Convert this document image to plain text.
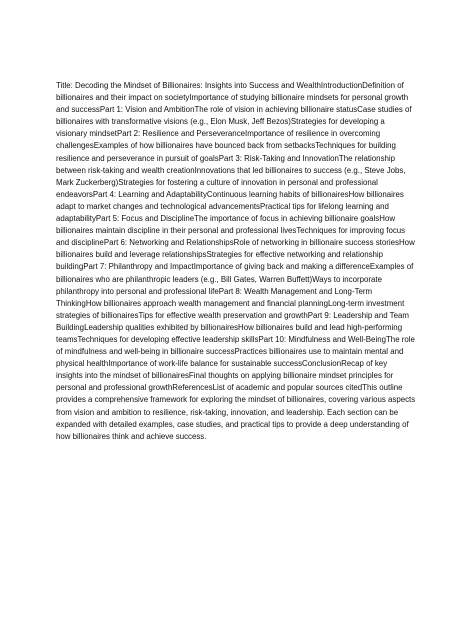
Title: Decoding the Mindset of Billionaires: Insights into Success and WealthIntroductionDefinition of billionaires and their impact on societyImportance of studying billionaire mindsets for personal growth and successPart 1: Vision and AmbitionThe role of vision in achieving billionaire statusCase studies of billionaires with transformative visions (e.g., Elon Musk, Jeff Bezos)Strategies for developing a visionary mindsetPart 2: Resilience and PerseveranceImportance of resilience in overcoming challengesExamples of how billionaires have bounced back from setbacksTechniques for building resilience and perseverance in pursuit of goalsPart 3: Risk-Taking and InnovationThe relationship between risk-taking and wealth creationInnovations that led billionaires to success (e.g., Steve Jobs, Mark Zuckerberg)Strategies for fostering a culture of innovation in personal and professional endeavorsPart 4: Learning and AdaptabilityContinuous learning habits of billionairesHow billionaires adapt to market changes and technological advancementsPractical tips for lifelong learning and adaptabilityPart 5: Focus and DisciplineThe importance of focus in achieving billionaire goalsHow billionaires maintain discipline in their personal and professional livesTechniques for improving focus and disciplinePart 6: Networking and RelationshipsRole of networking in billionaire success storiesHow billionaires build and leverage relationshipsStrategies for effective networking and relationship buildingPart 7: Philanthropy and ImpactImportance of giving back and making a differenceExamples of billionaires who are philanthropic leaders (e.g., Bill Gates, Warren Buffett)Ways to incorporate philanthropy into personal and professional lifePart 8: Wealth Management and Long-Term ThinkingHow billionaires approach wealth management and financial planningLong-term investment strategies of billionairesTips for effective wealth preservation and growthPart 9: Leadership and Team BuildingLeadership qualities exhibited by billionairesHow billionaires build and lead high-performing teamsTechniques for developing effective leadership skillsPart 10: Mindfulness and Well-BeingThe role of mindfulness and well-being in billionaire successPractices billionaires use to maintain mental and physical healthImportance of work-life balance for sustainable successConclusionRecap of key insights into the mindset of billionairesFinal thoughts on applying billionaire mindset principles for personal and professional growthReferencesList of academic and popular sources citedThis outline provides a comprehensive framework for exploring the mindset of billionaires, covering various aspects from vision and ambition to resilience, risk-taking, innovation, and leadership. Each section can be expanded with detailed examples, case studies, and practical tips to provide a deep understanding of how billionaires think and achieve success.
